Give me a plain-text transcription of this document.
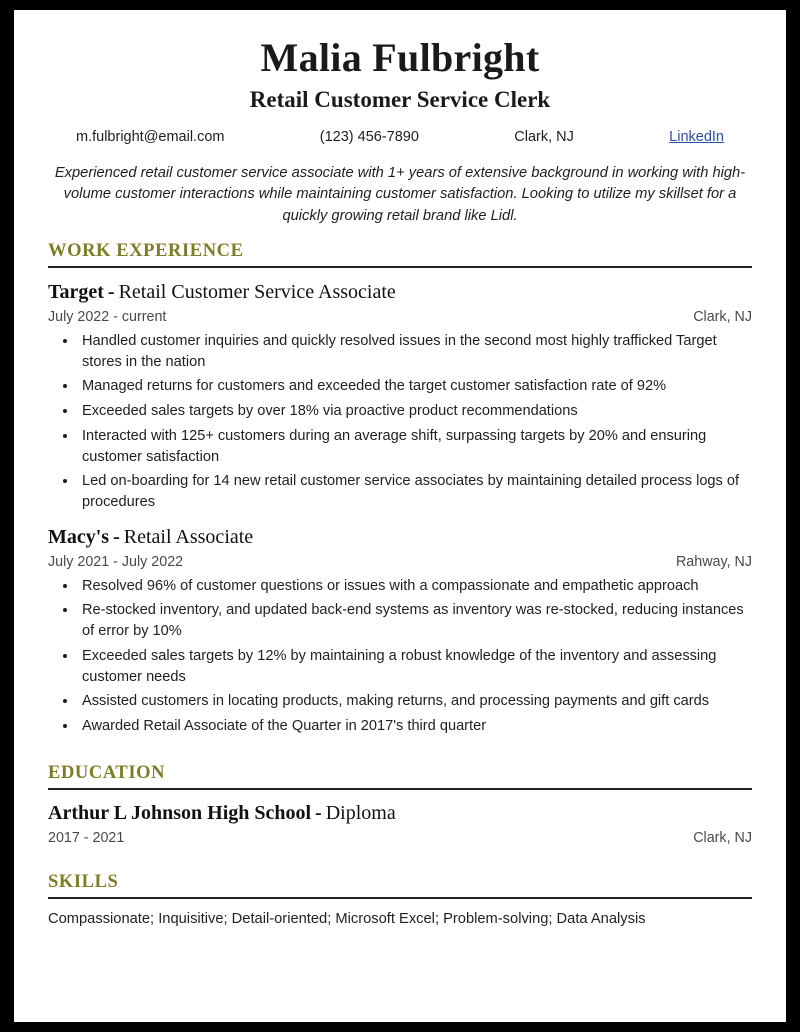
Malia Fulbright
Retail Customer Service Clerk
m.fulbright@email.com	(123) 456-7890	Clark, NJ	LinkedIn
Experienced retail customer service associate with 1+ years of extensive background in working with high-volume customer interactions while maintaining customer satisfaction. Looking to utilize my skillset for a quickly growing retail brand like Lidl.
WORK EXPERIENCE
Target - Retail Customer Service Associate
July 2022 - current	Clark, NJ
• Handled customer inquiries and quickly resolved issues in the second most highly trafficked Target stores in the nation
• Managed returns for customers and exceeded the target customer satisfaction rate of 92%
• Exceeded sales targets by over 18% via proactive product recommendations
• Interacted with 125+ customers during an average shift, surpassing targets by 20% and ensuring customer satisfaction
• Led on-boarding for 14 new retail customer service associates by maintaining detailed process logs of procedures
Macy's - Retail Associate
July 2021 - July 2022	Rahway, NJ
• Resolved 96% of customer questions or issues with a compassionate and empathetic approach
• Re-stocked inventory, and updated back-end systems as inventory was re-stocked, reducing instances of error by 10%
• Exceeded sales targets by 12% by maintaining a robust knowledge of the inventory and assessing customer needs
• Assisted customers in locating products, making returns, and processing payments and gift cards
• Awarded Retail Associate of the Quarter in 2017's third quarter
EDUCATION
Arthur L Johnson High School - Diploma
2017 - 2021	Clark, NJ
SKILLS
Compassionate; Inquisitive; Detail-oriented; Microsoft Excel; Problem-solving; Data Analysis
